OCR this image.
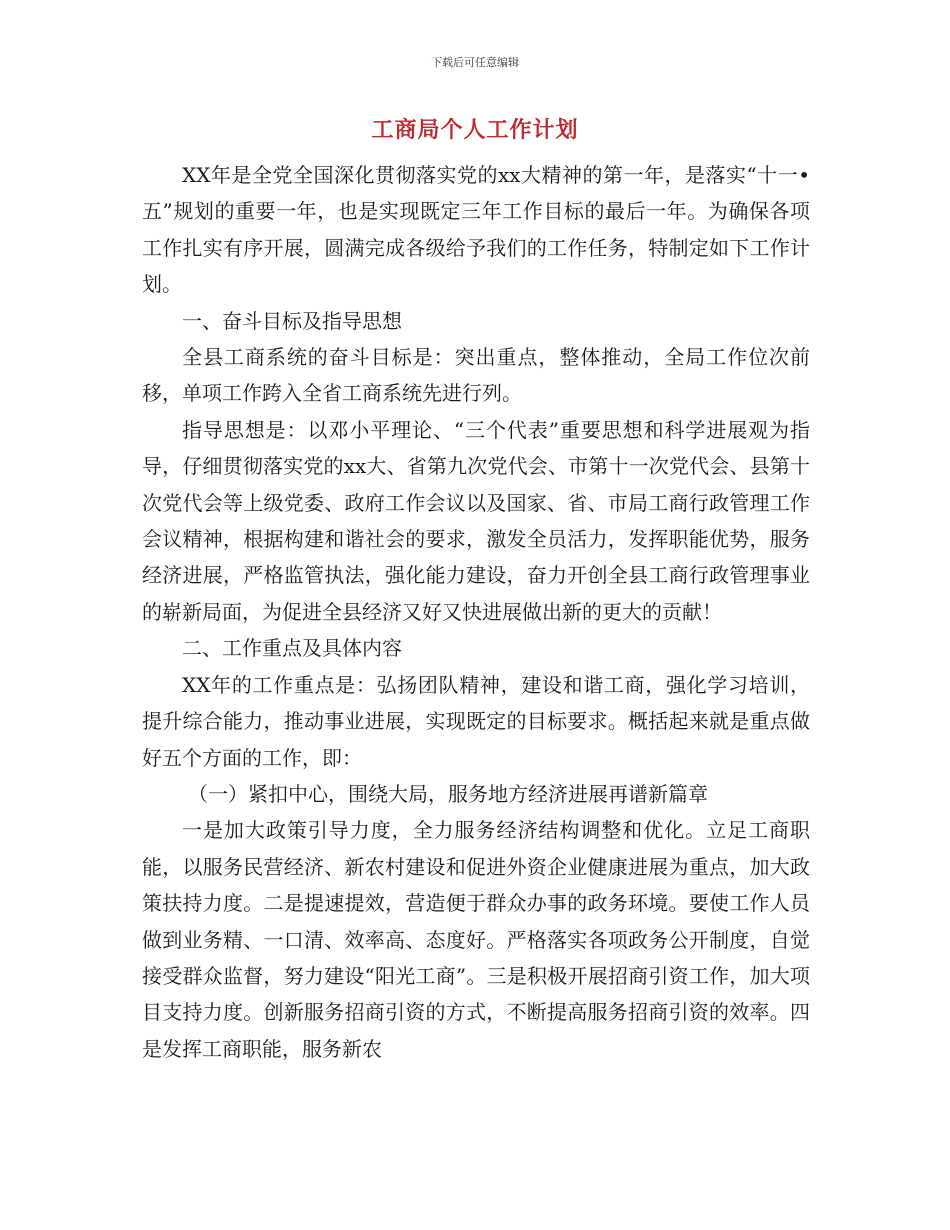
下载后可任意编辑
工商局个人工作计划

XX年是全党全国深化贯彻落实党的xx大精神的第一年，是落实“十一•五”规划的重要一年，也是实现既定三年工作目标的最后一年。为确保各项工作扎实有序开展，圆满完成各级给予我们的工作任务，特制定如下工作计划。

一、奋斗目标及指导思想

全县工商系统的奋斗目标是：突出重点，整体推动，全局工作位次前移，单项工作跨入全省工商系统先进行列。

指导思想是：以邓小平理论、“三个代表”重要思想和科学进展观为指导，仔细贯彻落实党的xx大、省第九次党代会、市第十一次党代会、县第十次党代会等上级党委、政府工作会议以及国家、省、市局工商行政管理工作会议精神，根据构建和谐社会的要求，激发全员活力，发挥职能优势，服务经济进展，严格监管执法，强化能力建设，奋力开创全县工商行政管理事业的崭新局面，为促进全县经济又好又快进展做出新的更大的贡献！

二、工作重点及具体内容

XX年的工作重点是：弘扬团队精神，建设和谐工商，强化学习培训，提升综合能力，推动事业进展，实现既定的目标要求。概括起来就是重点做好五个方面的工作，即：

（一）紧扣中心，围绕大局，服务地方经济进展再谱新篇章

一是加大政策引导力度，全力服务经济结构调整和优化。立足工商职能，以服务民营经济、新农村建设和促进外资企业健康进展为重点，加大政策扶持力度。二是提速提效，营造便于群众办事的政务环境。要使工作人员做到业务精、一口清、效率高、态度好。严格落实各项政务公开制度，自觉接受群众监督，努力建设“阳光工商”。三是积极开展招商引资工作，加大项目支持力度。创新服务招商引资的方式，不断提高服务招商引资的效率。四是发挥工商职能，服务新农
